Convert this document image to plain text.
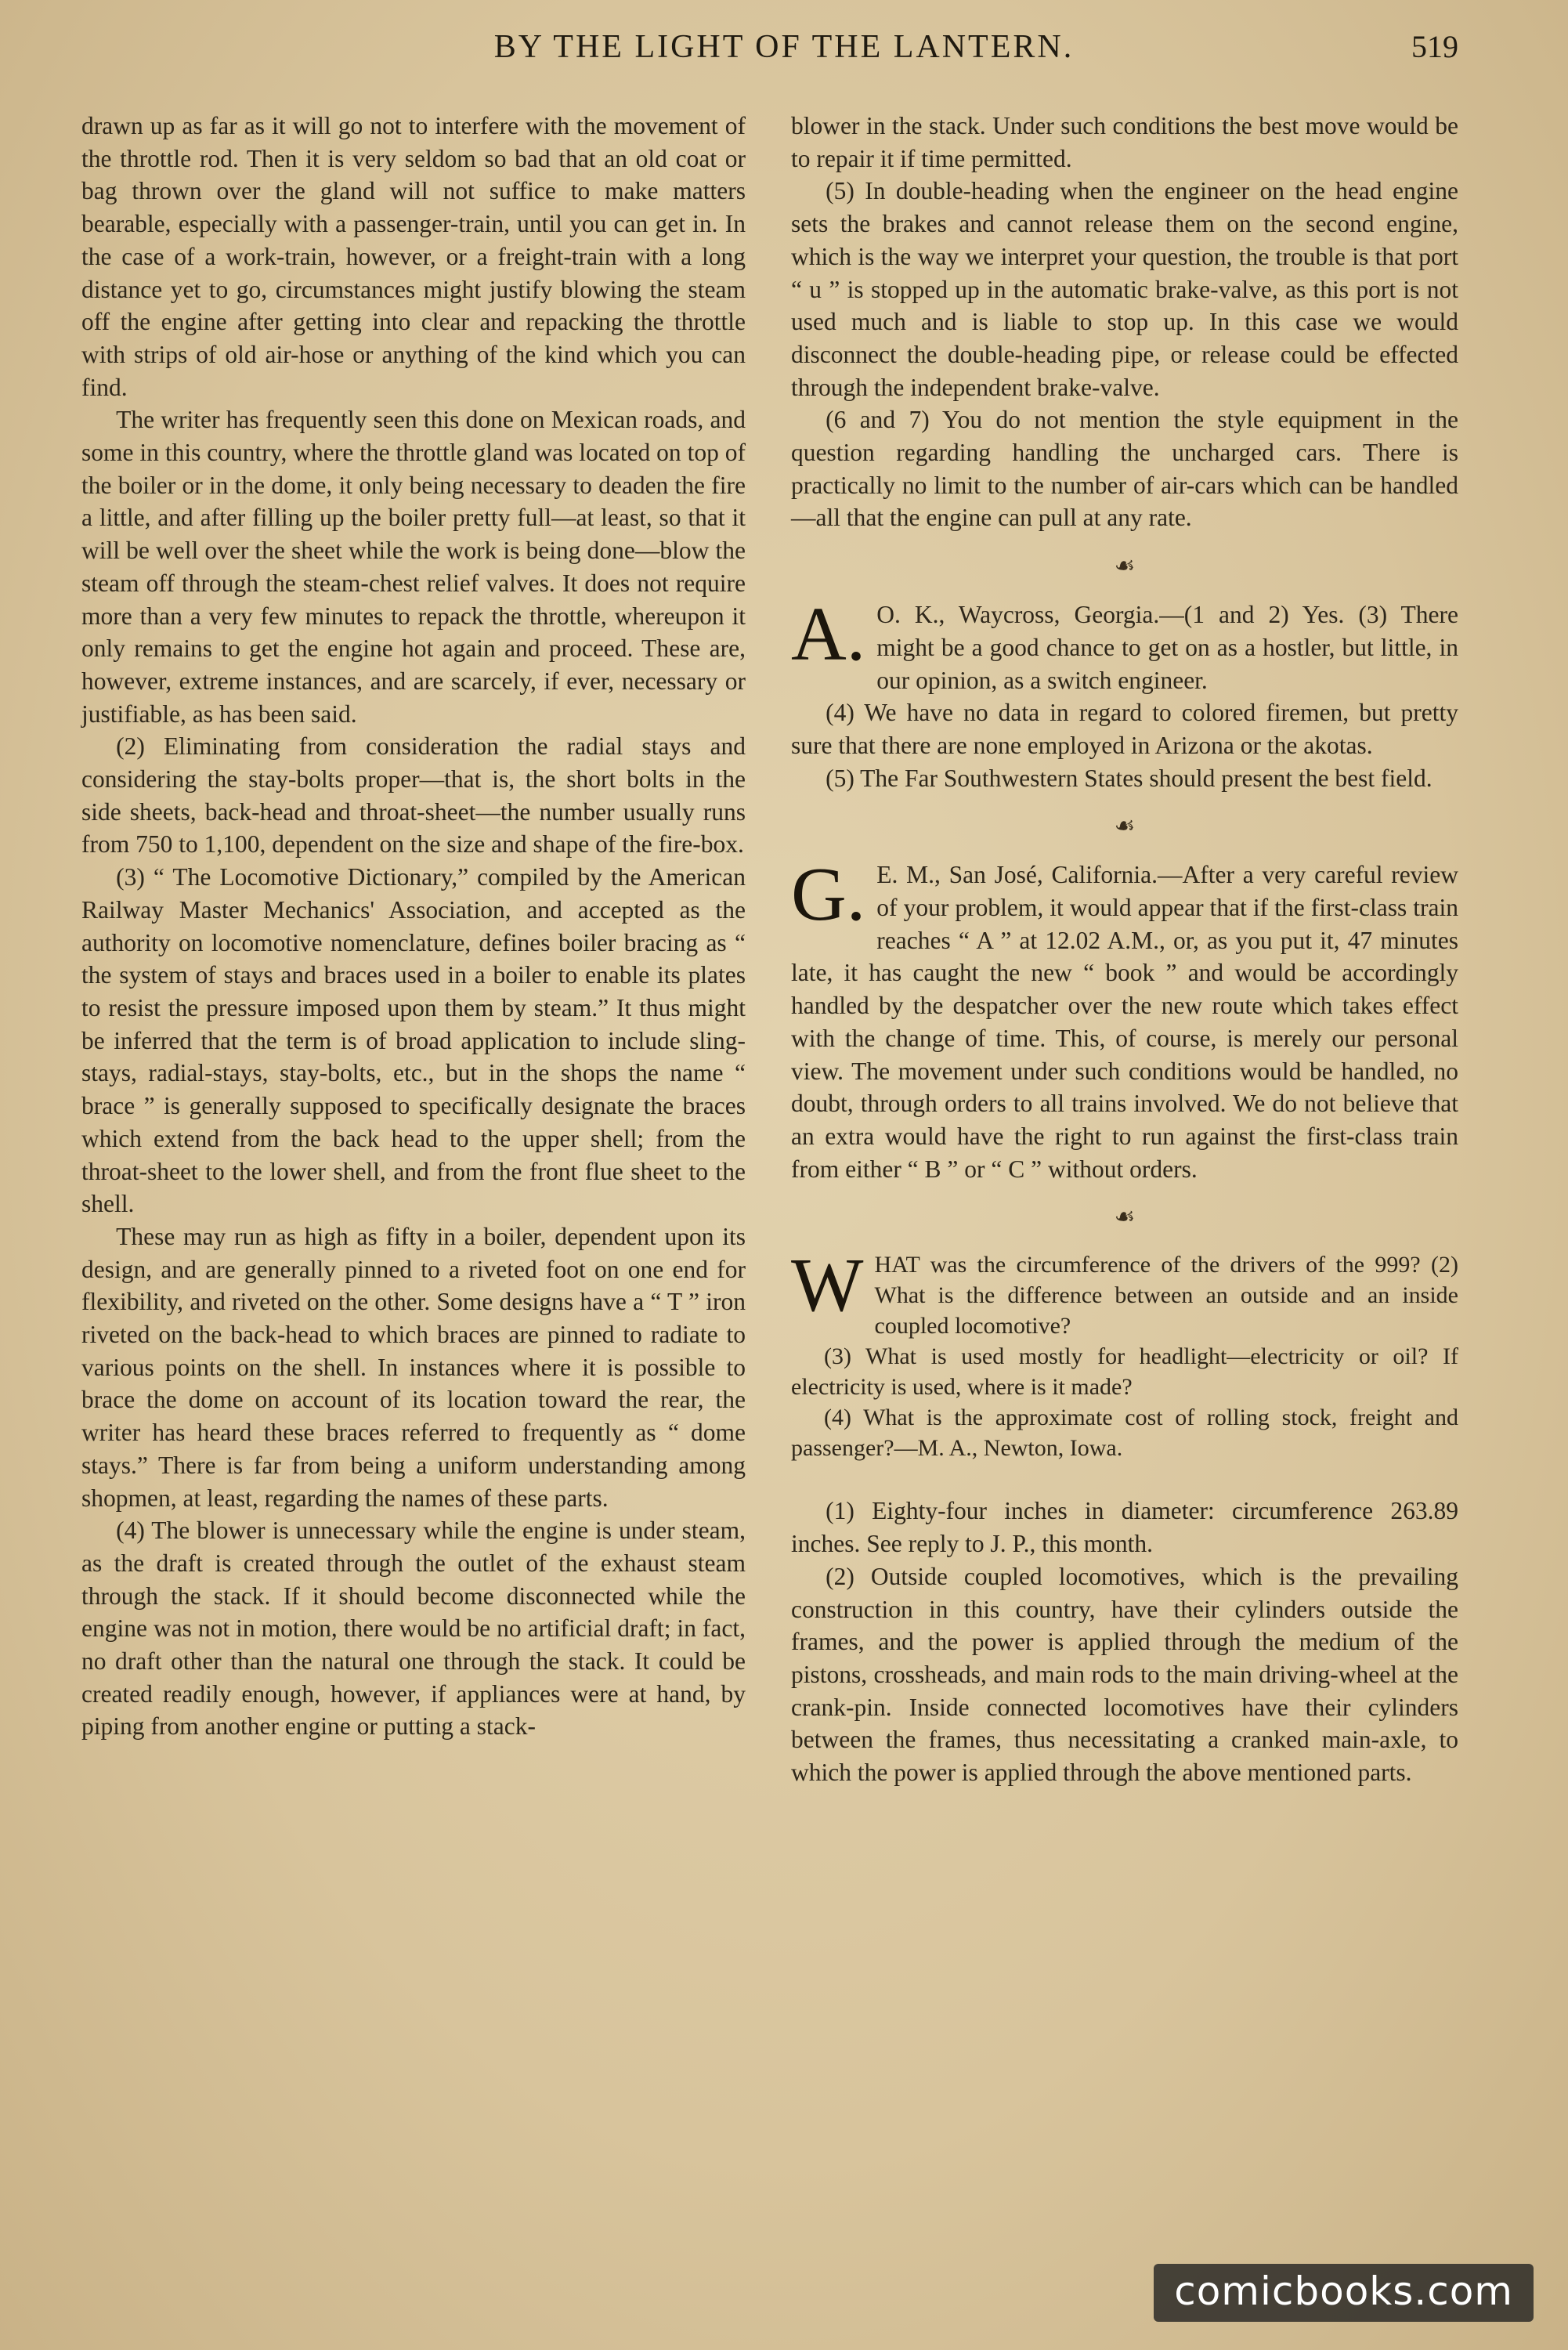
BY THE LIGHT OF THE LANTERN.	519

drawn up as far as it will go not to interfere with the movement of the throttle rod. Then it is very seldom so bad that an old coat or bag thrown over the gland will not suffice to make matters bearable, especially with a passenger-train, until you can get in. In the case of a work-train, however, or a freight-train with a long distance yet to go, circumstances might justify blowing the steam off the engine after getting into clear and repacking the throttle with strips of old air-hose or anything of the kind which you can find.

The writer has frequently seen this done on Mexican roads, and some in this country, where the throttle gland was located on top of the boiler or in the dome, it only being necessary to deaden the fire a little, and after filling up the boiler pretty full—at least, so that it will be well over the sheet while the work is being done—blow the steam off through the steam-chest relief valves. It does not require more than a very few minutes to repack the throttle, whereupon it only remains to get the engine hot again and proceed. These are, however, extreme instances, and are scarcely, if ever, necessary or justifiable, as has been said.

(2) Eliminating from consideration the radial stays and considering the stay-bolts proper—that is, the short bolts in the side sheets, back-head and throat-sheet—the number usually runs from 750 to 1,100, dependent on the size and shape of the fire-box.

(3) “ The Locomotive Dictionary,” compiled by the American Railway Master Mechanics' Association, and accepted as the authority on locomotive nomenclature, defines boiler bracing as “ the system of stays and braces used in a boiler to enable its plates to resist the pressure imposed upon them by steam.” It thus might be inferred that the term is of broad application to include sling-stays, radial-stays, stay-bolts, etc., but in the shops the name “ brace ” is generally supposed to specifically designate the braces which extend from the back head to the upper shell; from the throat-sheet to the lower shell, and from the front flue sheet to the shell.

These may run as high as fifty in a boiler, dependent upon its design, and are generally pinned to a riveted foot on one end for flexibility, and riveted on the other. Some designs have a “ T ” iron riveted on the back-head to which braces are pinned to radiate to various points on the shell. In instances where it is possible to brace the dome on account of its location toward the rear, the writer has heard these braces referred to frequently as “ dome stays.” There is far from being a uniform understanding among shopmen, at least, regarding the names of these parts.

(4) The blower is unnecessary while the engine is under steam, as the draft is created through the outlet of the exhaust steam through the stack. If it should become disconnected while the engine was not in motion, there would be no artificial draft; in fact, no draft other than the natural one through the stack. It could be created readily enough, however, if appliances were at hand, by piping from another engine or putting a stack-

blower in the stack. Under such conditions the best move would be to repair it if time permitted.

(5) In double-heading when the engineer on the head engine sets the brakes and cannot release them on the second engine, which is the way we interpret your question, the trouble is that port “ u ” is stopped up in the automatic brake-valve, as this port is not used much and is liable to stop up. In this case we would disconnect the double-heading pipe, or release could be effected through the independent brake-valve.

(6 and 7) You do not mention the style equipment in the question regarding handling the uncharged cars. There is practically no limit to the number of air-cars which can be handled—all that the engine can pull at any rate.

☙

A. O. K., Waycross, Georgia.—(1 and 2) Yes. (3) There might be a good chance to get on as a hostler, but little, in our opinion, as a switch engineer.

(4) We have no data in regard to colored firemen, but pretty sure that there are none employed in Arizona or the akotas.

(5) The Far Southwestern States should present the best field.

☙

G. E. M., San José, California.—After a very careful review of your problem, it would appear that if the first-class train reaches “ A ” at 12.02 A.M., or, as you put it, 47 minutes late, it has caught the new “ book ” and would be accordingly handled by the despatcher over the new route which takes effect with the change of time. This, of course, is merely our personal view. The movement under such conditions would be handled, no doubt, through orders to all trains involved. We do not believe that an extra would have the right to run against the first-class train from either “ B ” or “ C ” without orders.

☙

W HAT was the circumference of the drivers of the 999? (2) What is the difference between an outside and an inside coupled locomotive?

(3) What is used mostly for headlight—electricity or oil? If electricity is used, where is it made?

(4) What is the approximate cost of rolling stock, freight and passenger?—M. A., Newton, Iowa.

(1) Eighty-four inches in diameter: circumference 263.89 inches. See reply to J. P., this month.

(2) Outside coupled locomotives, which is the prevailing construction in this country, have their cylinders outside the frames, and the power is applied through the medium of the pistons, crossheads, and main rods to the main driving-wheel at the crank-pin. Inside connected locomotives have their cylinders between the frames, thus necessitating a cranked main-axle, to which the power is applied through the above mentioned parts.

comicbooks.com
